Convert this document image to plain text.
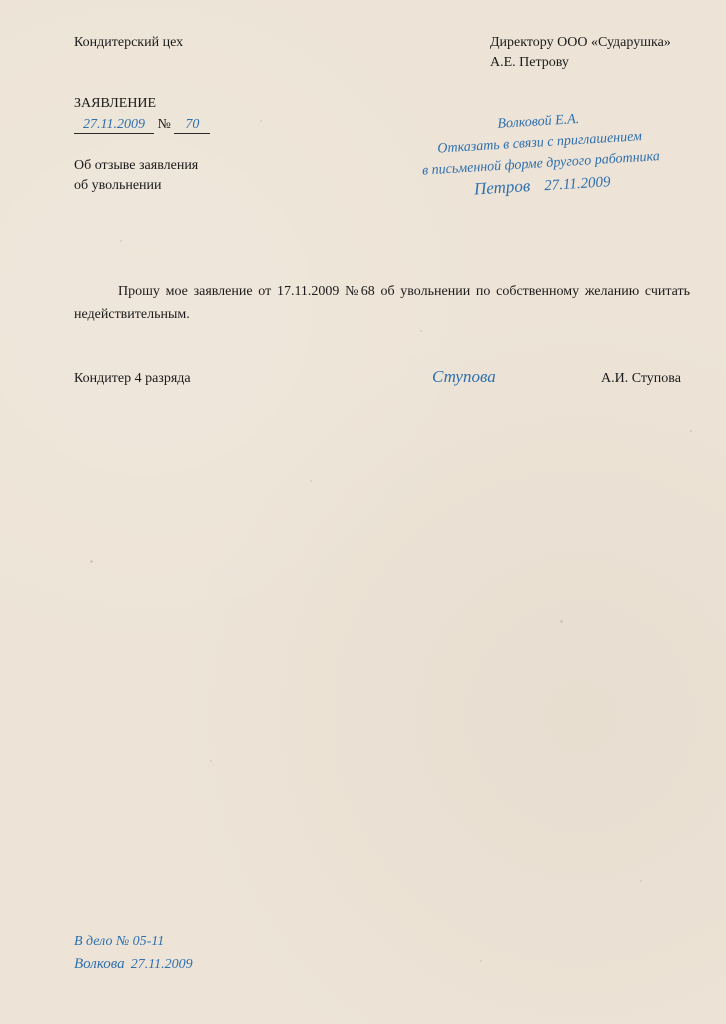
Кондитерский цех	Директору ООО «Сударушка»
А.Е. Петрову
ЗАЯВЛЕНИЕ
27.11.2009 № 70
Об отзыве заявления
об увольнении
Волковой Е.А.
Отказать в связи с приглашением
в письменной форме другого работника
Петров 27.11.2009
Прошу мое заявление от 17.11.2009 №68 об увольнении по собственному желанию считать недействительным.
Кондитер 4 разряда	Ступова	А.И. Ступова
В дело № 05-11
Волкова 27.11.2009
